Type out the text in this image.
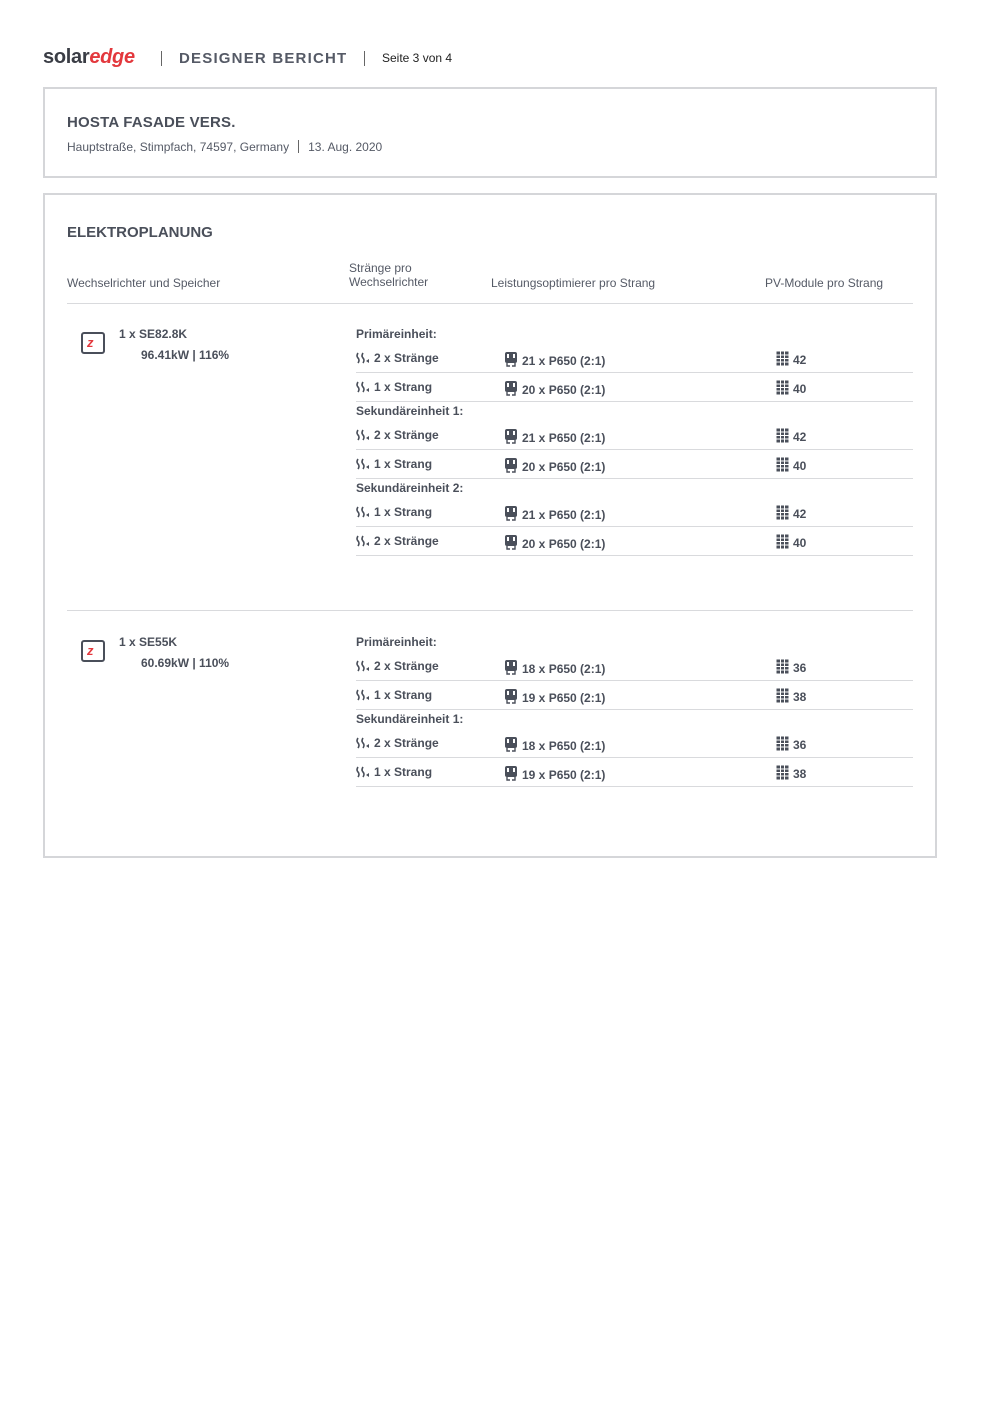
solaredge	DESIGNER BERICHT	Seite 3 von 4
HOSTA FASADE VERS.
Hauptstraße, Stimpfach, 74597, Germany 13. Aug. 2020
ELEKTROPLANUNG
Wechselrichter und Speicher
Stränge pro
Wechselrichter	Leistungsoptimierer pro Strang	PV-Module pro Strang
z
1 x SE82.8K
96.41kW | 116%
Primäreinheit:
2 x Stränge	21 x P650 (2:1)	42
1 x Strang	20 x P650 (2:1)	40
Sekundäreinheit 1:
2 x Stränge	21 x P650 (2:1)	42
1 x Strang	20 x P650 (2:1)	40
Sekundäreinheit 2:
1 x Strang	21 x P650 (2:1)	42
2 x Stränge	20 x P650 (2:1)	40
z
1 x SE55K
60.69kW | 110%
Primäreinheit:
2 x Stränge	18 x P650 (2:1)	36
1 x Strang	19 x P650 (2:1)	38
Sekundäreinheit 1:
2 x Stränge	18 x P650 (2:1)	36
1 x Strang	19 x P650 (2:1)	38
